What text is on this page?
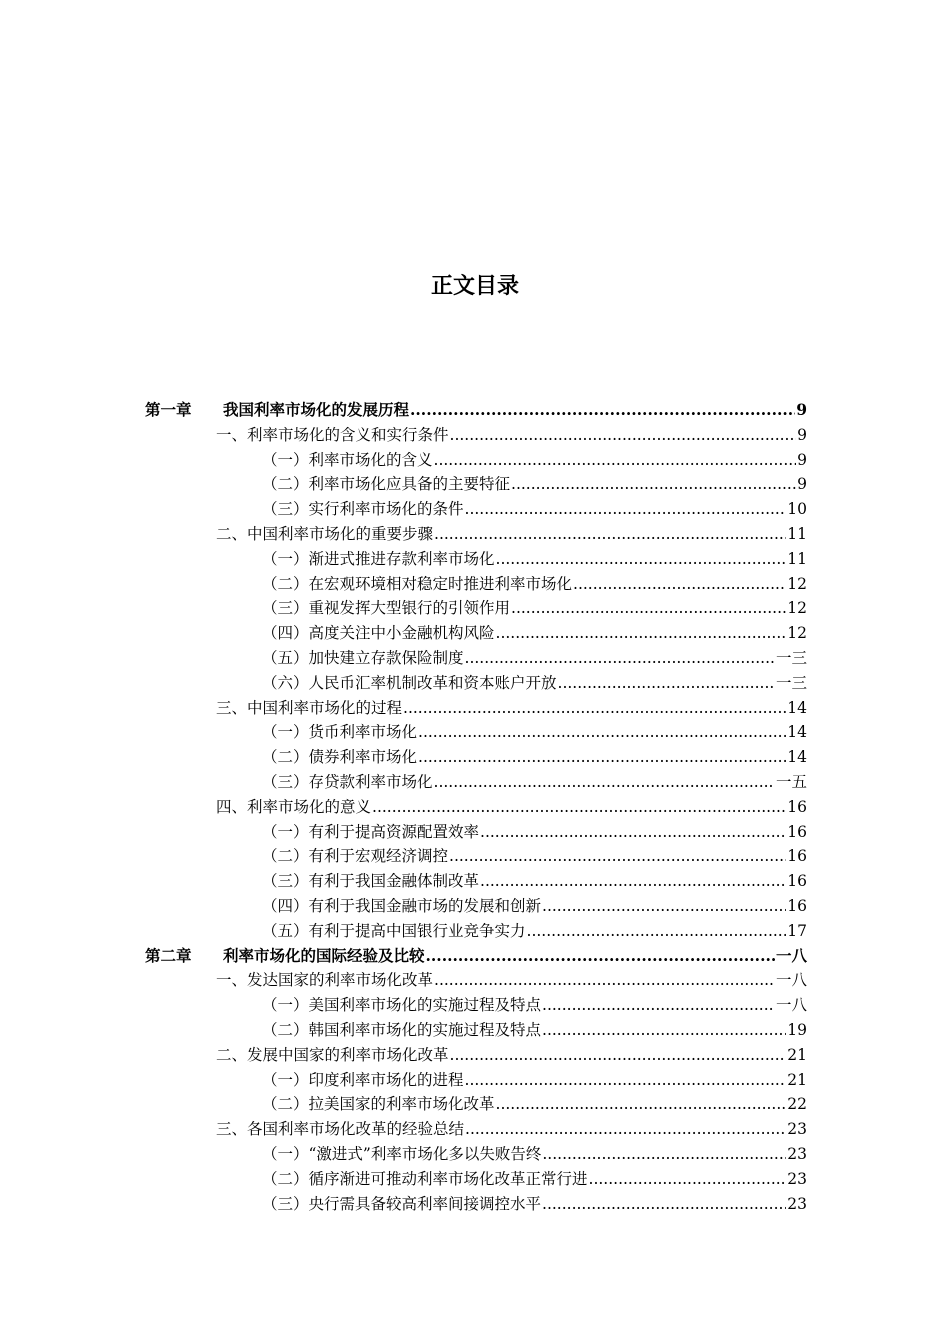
正文目录
第一章 我国利率市场化的发展历程 .....	9
一、利率市场化的含义和实行条件 .....	9
（一）利率市场化的含义 .....	9
（二）利率市场化应具备的主要特征 .....	9
（三）实行利率市场化的条件 .....	10
二、中国利率市场化的重要步骤 .....	11
（一）渐进式推进存款利率市场化 .....	11
（二）在宏观环境相对稳定时推进利率市场化 .....	12
（三）重视发挥大型银行的引领作用 .....	12
（四）高度关注中小金融机构风险 .....	12
（五）加快建立存款保险制度 .....	一三
（六）人民币汇率机制改革和资本账户开放 .....	一三
三、中国利率市场化的过程 .....	14
（一）货币利率市场化 .....	14
（二）债券利率市场化 .....	14
（三）存贷款利率市场化 .....	一五
四、利率市场化的意义 .....	16
（一）有利于提高资源配置效率 .....	16
（二）有利于宏观经济调控 .....	16
（三）有利于我国金融体制改革 .....	16
（四）有利于我国金融市场的发展和创新 .....	16
（五）有利于提高中国银行业竞争实力 .....	17
第二章 利率市场化的国际经验及比较 .....	一八
一、发达国家的利率市场化改革 .....	一八
（一）美国利率市场化的实施过程及特点 .....	一八
（二）韩国利率市场化的实施过程及特点 .....	19
二、发展中国家的利率市场化改革 .....	21
（一）印度利率市场化的进程 .....	21
（二）拉美国家的利率市场化改革 .....	22
三、各国利率市场化改革的经验总结 .....	23
（一）“激进式”利率市场化多以失败告终 .....	23
（二）循序渐进可推动利率市场化改革正常行进 .....	23
（三）央行需具备较高利率间接调控水平 .....	23
